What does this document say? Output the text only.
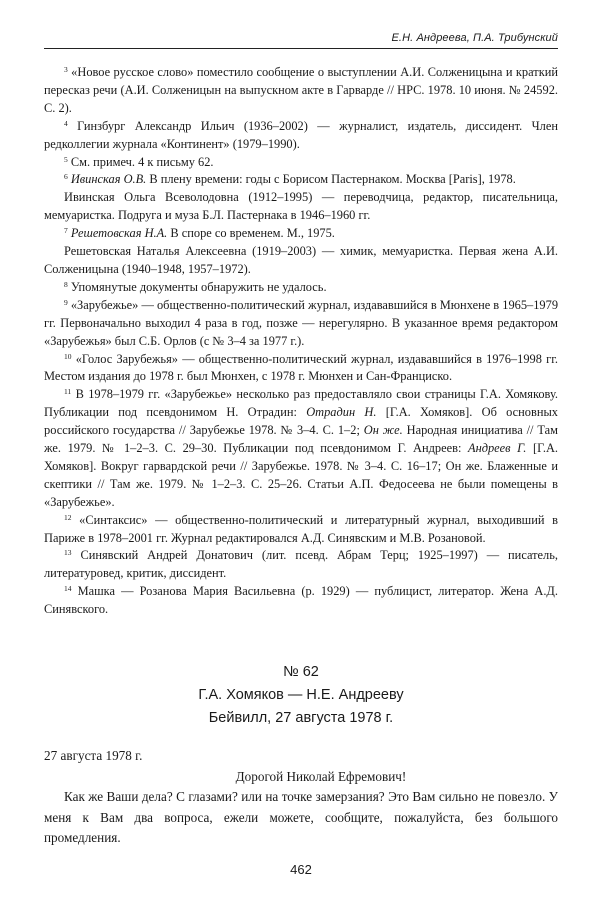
Е.Н. Андреева, П.А. Трибунский

$^3$ «Новое русское слово» поместило сообщение о выступлении А.И. Солженицына и краткий пересказ речи (А.И. Солженицын на выпускном акте в Гарварде // НРС. 1978. 10 июня. № 24592. С. 2).

$^4$ Гинзбург Александр Ильич (1936–2002) — журналист, издатель, диссидент. Член редколлегии журнала «Континент» (1979–1990).

$^5$ См. примеч. 4 к письму 62.

$^6$ Ивинская О.В. В плену времени: годы с Борисом Пастернаком. Москва [Paris], 1978.

Ивинская Ольга Всеволодовна (1912–1995) — переводчица, редактор, писательница, мемуаристка. Подруга и муза Б.Л. Пастернака в 1946–1960 гг.

$^7$ Решетовская Н.А. В споре со временем. М., 1975.

Решетовская Наталья Алексеевна (1919–2003) — химик, мемуаристка. Первая жена А.И. Солженицына (1940–1948, 1957–1972).

$^8$ Упомянутые документы обнаружить не удалось.

$^9$ «Зарубежье» — общественно-политический журнал, издававшийся в Мюнхене в 1965–1979 гг. Первоначально выходил 4 раза в год, позже — нерегулярно. В указанное время редактором «Зарубежья» был С.Б. Орлов (с № 3–4 за 1977 г.).

$^{10}$ «Голос Зарубежья» — общественно-политический журнал, издававшийся в 1976–1998 гг. Местом издания до 1978 г. был Мюнхен, с 1978 г. Мюнхен и Сан-Франциско.

$^{11}$ В 1978–1979 гг. «Зарубежье» несколько раз предоставляло свои страницы Г.А. Хомякову. Публикации под псевдонимом Н. Отрадин: Отрадин Н. [Г.А. Хомяков]. Об основных российского государства // Зарубежье 1978. № 3–4. С. 1–2; Он же. Народная инициатива // Там же. 1979. № 1–2–3. С. 29–30. Публикации под псевдонимом Г. Андреев: Андреев Г. [Г.А. Хомяков]. Вокруг гарвардской речи // Зарубежье. 1978. № 3–4. С. 16–17; Он же. Блаженные и скептики // Там же. 1979. № 1–2–3. С. 25–26. Статьи А.П. Федосеева не были помещены в «Зарубежье».

$^{12}$ «Синтаксис» — общественно-политический и литературный журнал, выходивший в Париже в 1978–2001 гг. Журнал редактировался А.Д. Синявским и М.В. Розановой.

$^{13}$ Синявский Андрей Донатович (лит. псевд. Абрам Терц; 1925–1997) — писатель, литературовед, критик, диссидент.

$^{14}$ Машка — Розанова Мария Васильевна (р. 1929) — публицист, литератор. Жена А.Д. Синявского.

№ 62
Г.А. Хомяков — Н.Е. Андрееву
Бейвилл, 27 августа 1978 г.

27 августа 1978 г.

Дорогой Николай Ефремович!

Как же Ваши дела? С глазами? или на точке замерзания? Это Вам сильно не повезло. У меня к Вам два вопроса, ежели можете, сообщите, пожалуйста, без большого промедления.

462
